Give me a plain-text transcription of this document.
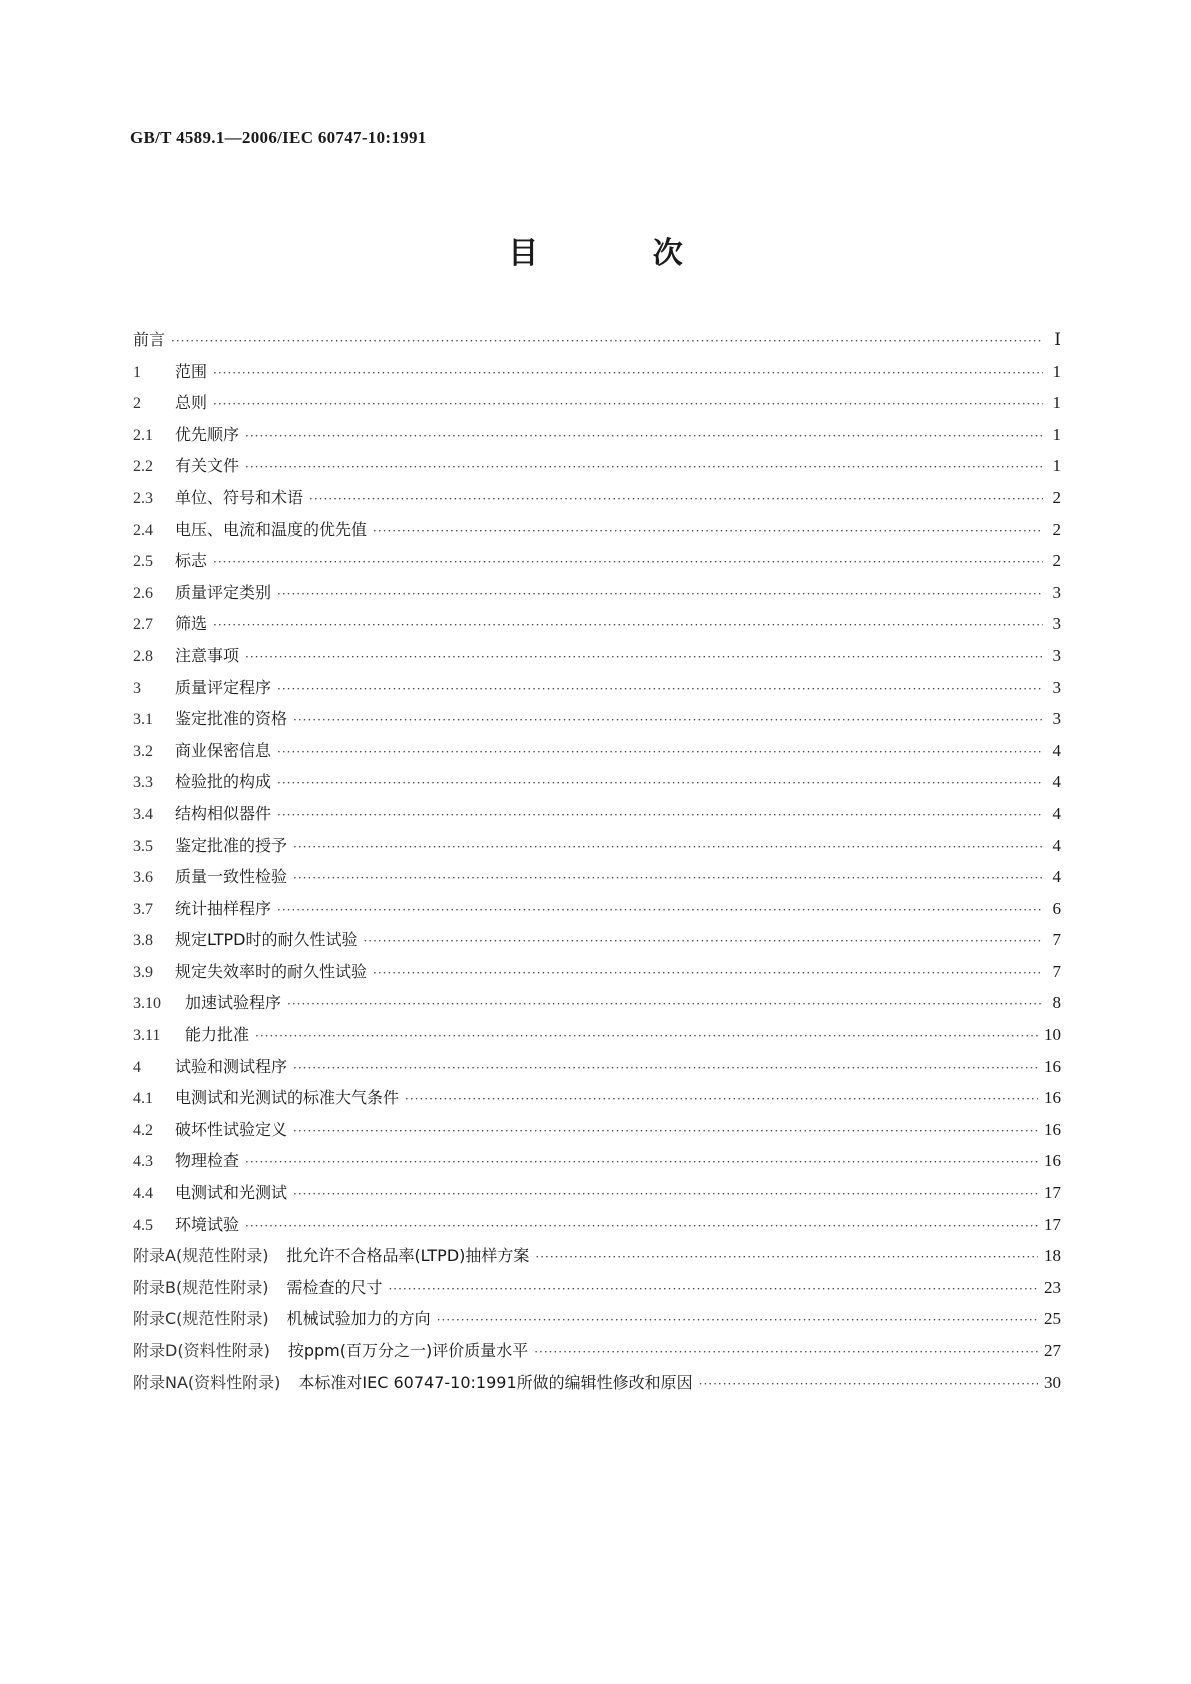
GB/T 4589.1—2006/IEC 60747-10:1991
目 次
前言 ·····	Ⅰ
1	范围 ·····	1
2	总则 ·····	1
2.1	优先顺序 ·····	1
2.2	有关文件 ·····	1
2.3	单位、符号和术语 ·····	2
2.4	电压、电流和温度的优先值 ·····	2
2.5	标志 ·····	2
2.6	质量评定类别 ·····	3
2.7	筛选 ·····	3
2.8	注意事项 ·····	3
3	质量评定程序 ·····	3
3.1	鉴定批准的资格 ·····	3
3.2	商业保密信息 ·····	4
3.3	检验批的构成 ·····	4
3.4	结构相似器件 ·····	4
3.5	鉴定批准的授予 ·····	4
3.6	质量一致性检验 ·····	4
3.7	统计抽样程序 ·····	6
3.8	规定LTPD时的耐久性试验 ·····	7
3.9	规定失效率时的耐久性试验 ·····	7
3.10	加速试验程序 ·····	8
3.11	能力批准 ·····	10
4	试验和测试程序 ·····	16
4.1	电测试和光测试的标准大气条件 ·····	16
4.2	破坏性试验定义 ·····	16
4.3	物理检查 ·····	16
4.4	电测试和光测试 ·····	17
4.5	环境试验 ·····	17
附录A(规范性附录) 批允许不合格品率(LTPD)抽样方案 ·····	18
附录B(规范性附录) 需检查的尺寸 ·····	23
附录C(规范性附录) 机械试验加力的方向 ·····	25
附录D(资料性附录) 按ppm(百万分之一)评价质量水平 ·····	27
附录NA(资料性附录) 本标准对IEC 60747-10:1991所做的编辑性修改和原因 ·····	30
